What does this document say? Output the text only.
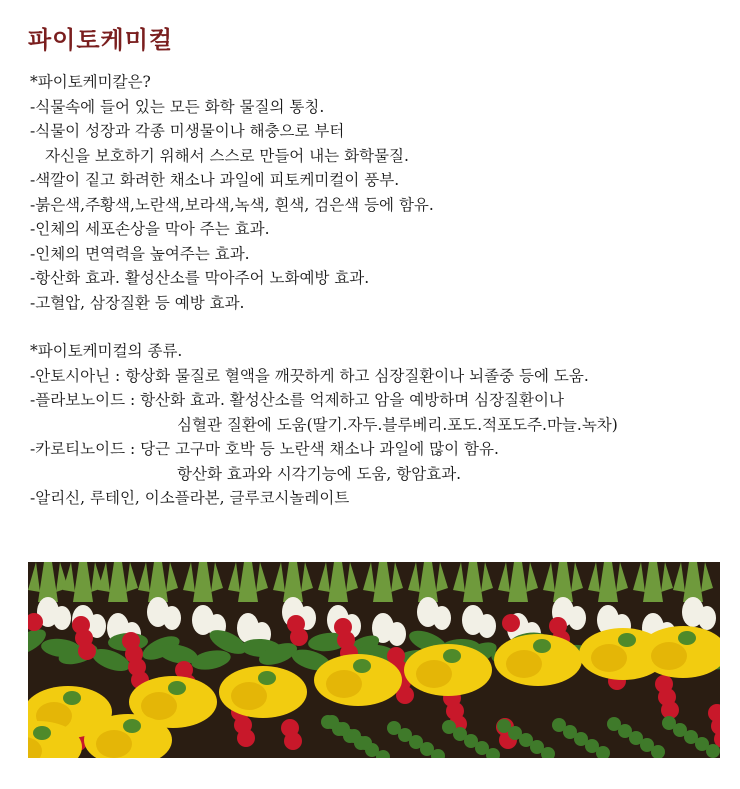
파이토케미컬
*파이토케미칼은?
-식물속에 들어 있는 모든 화학 물질의 통칭.
-식물이 성장과 각종 미생물이나 해충으로 부터
자신을 보호하기 위해서 스스로 만들어 내는 화학물질.
-색깔이 짙고 화려한 채소나 과일에 피토케미컬이 풍부.
-붉은색,주황색,노란색,보라색,녹색, 흰색, 검은색 등에 함유.
-인체의 세포손상을 막아 주는 효과.
-인체의 면역력을 높여주는 효과.
-항산화 효과. 활성산소를 막아주어 노화예방 효과.
-고혈압, 삼장질환 등 예방 효과.
*파이토케미컬의 종류.
-안토시아닌 : 항상화 물질로 혈액을 깨끗하게 하고 심장질환이나 뇌졸중 등에 도움.
-플라보노이드 : 항산화 효과. 활성산소를 억제하고 암을 예방하며 심장질환이나
심혈관 질환에 도움(딸기.자두.블루베리.포도.적포도주.마늘.녹차)
-카로티노이드 : 당근 고구마 호박 등 노란색 채소나 과일에 많이 함유.
항산화 효과와 시각기능에 도움, 항암효과.
-알리신, 루테인, 이소플라본, 글루코시놀레이트
